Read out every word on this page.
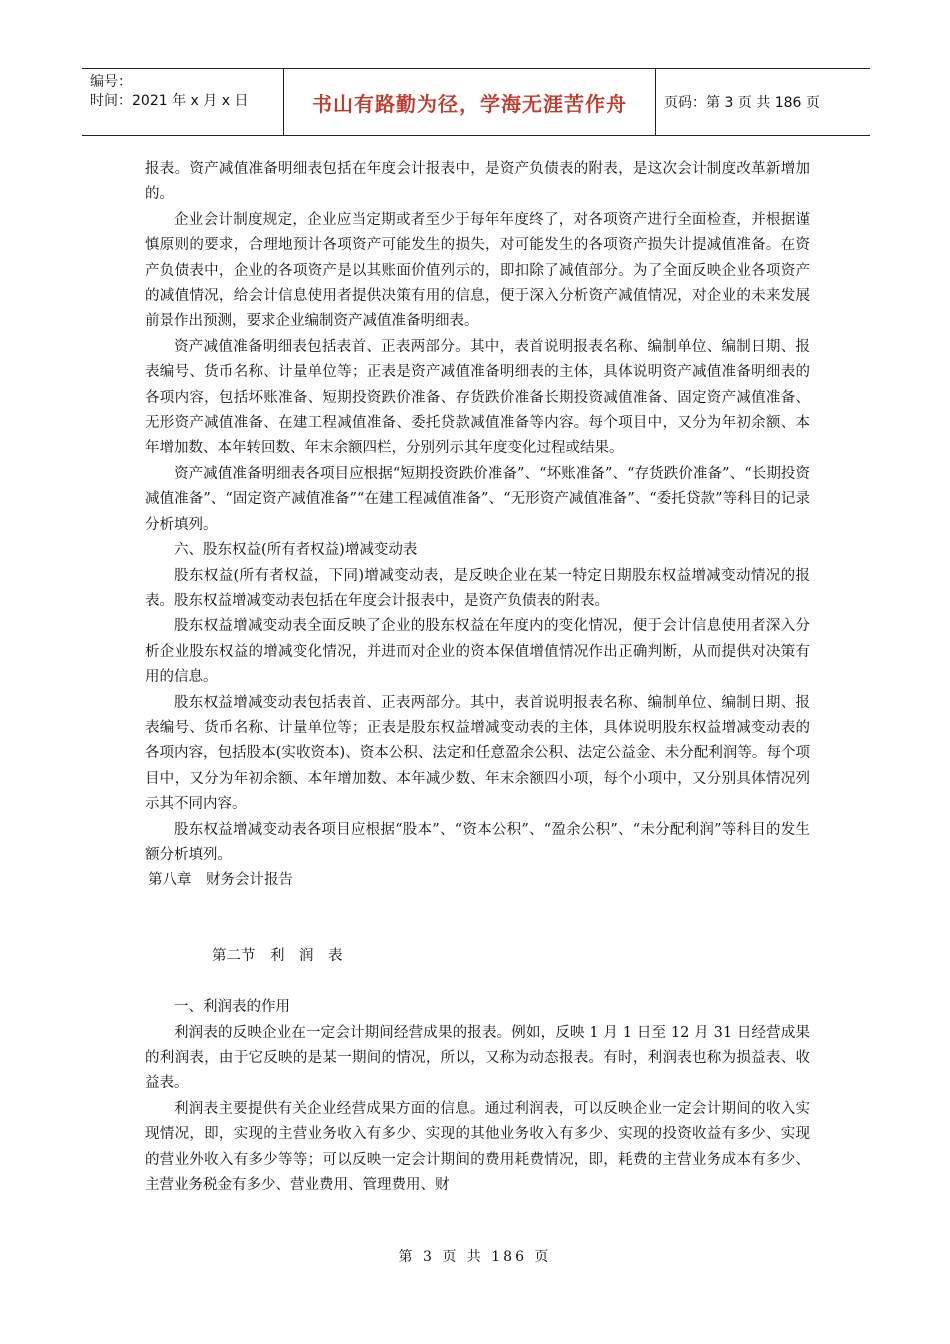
编号：
时间：2021 年 x 月 x 日	书山有路勤为径，学海无涯苦作舟	页码：第 3 页 共 186 页

报表。资产减值准备明细表包括在年度会计报表中，是资产负债表的附表，是这次会计制度改革新增加的。

企业会计制度规定，企业应当定期或者至少于每年年度终了，对各项资产进行全面检查，并根据谨慎原则的要求，合理地预计各项资产可能发生的损失，对可能发生的各项资产损失计提减值准备。在资产负债表中，企业的各项资产是以其账面价值列示的，即扣除了减值部分。为了全面反映企业各项资产的减值情况，给会计信息使用者提供决策有用的信息，便于深入分析资产减值情况，对企业的未来发展前景作出预测，要求企业编制资产减值准备明细表。

资产减值准备明细表包括表首、正表两部分。其中，表首说明报表名称、编制单位、编制日期、报表编号、货币名称、计量单位等；正表是资产减值准备明细表的主体，具体说明资产减值准备明细表的各项内容，包括坏账准备、短期投资跌价准备、存货跌价准备长期投资减值准备、固定资产减值准备、无形资产减值准备、在建工程减值准备、委托贷款减值准备等内容。每个项目中，又分为年初余额、本年增加数、本年转回数、年末余额四栏，分别列示其年度变化过程或结果。

资产减值准备明细表各项目应根据“短期投资跌价准备”、“坏账准备”、“存货跌价准备”、“长期投资减值准备”、“固定资产减值准备”“在建工程减值准备”、“无形资产减值准备”、“委托贷款”等科目的记录分析填列。

六、股东权益(所有者权益)增减变动表

股东权益(所有者权益，下同)增减变动表，是反映企业在某一特定日期股东权益增减变动情况的报表。股东权益增减变动表包括在年度会计报表中，是资产负债表的附表。

股东权益增减变动表全面反映了企业的股东权益在年度内的变化情况，便于会计信息使用者深入分析企业股东权益的增减变化情况，并进而对企业的资本保值增值情况作出正确判断，从而提供对决策有用的信息。

股东权益增减变动表包括表首、正表两部分。其中，表首说明报表名称、编制单位、编制日期、报表编号、货币名称、计量单位等；正表是股东权益增减变动表的主体，具体说明股东权益增减变动表的各项内容，包括股本(实收资本)、资本公积、法定和任意盈余公积、法定公益金、未分配利润等。每个项目中，又分为年初余额、本年增加数、本年减少数、年末余额四小项，每个小项中，又分别具体情况列示其不同内容。

股东权益增减变动表各项目应根据“股本”、“资本公积”、“盈余公积”、“未分配利润”等科目的发生额分析填列。

第八章　财务会计报告

第二节　利　润　表

一、利润表的作用

利润表的反映企业在一定会计期间经营成果的报表。例如，反映 1 月 1 日至 12 月 31 日经营成果的利润表，由于它反映的是某一期间的情况，所以，又称为动态报表。有时，利润表也称为损益表、收益表。

利润表主要提供有关企业经营成果方面的信息。通过利润表，可以反映企业一定会计期间的收入实现情况，即，实现的主营业务收入有多少、实现的其他业务收入有多少、实现的投资收益有多少、实现的营业外收入有多少等等；可以反映一定会计期间的费用耗费情况，即，耗费的主营业务成本有多少、 主营业务税金有多少、营业费用、管理费用、财

第 3 页 共 186 页
